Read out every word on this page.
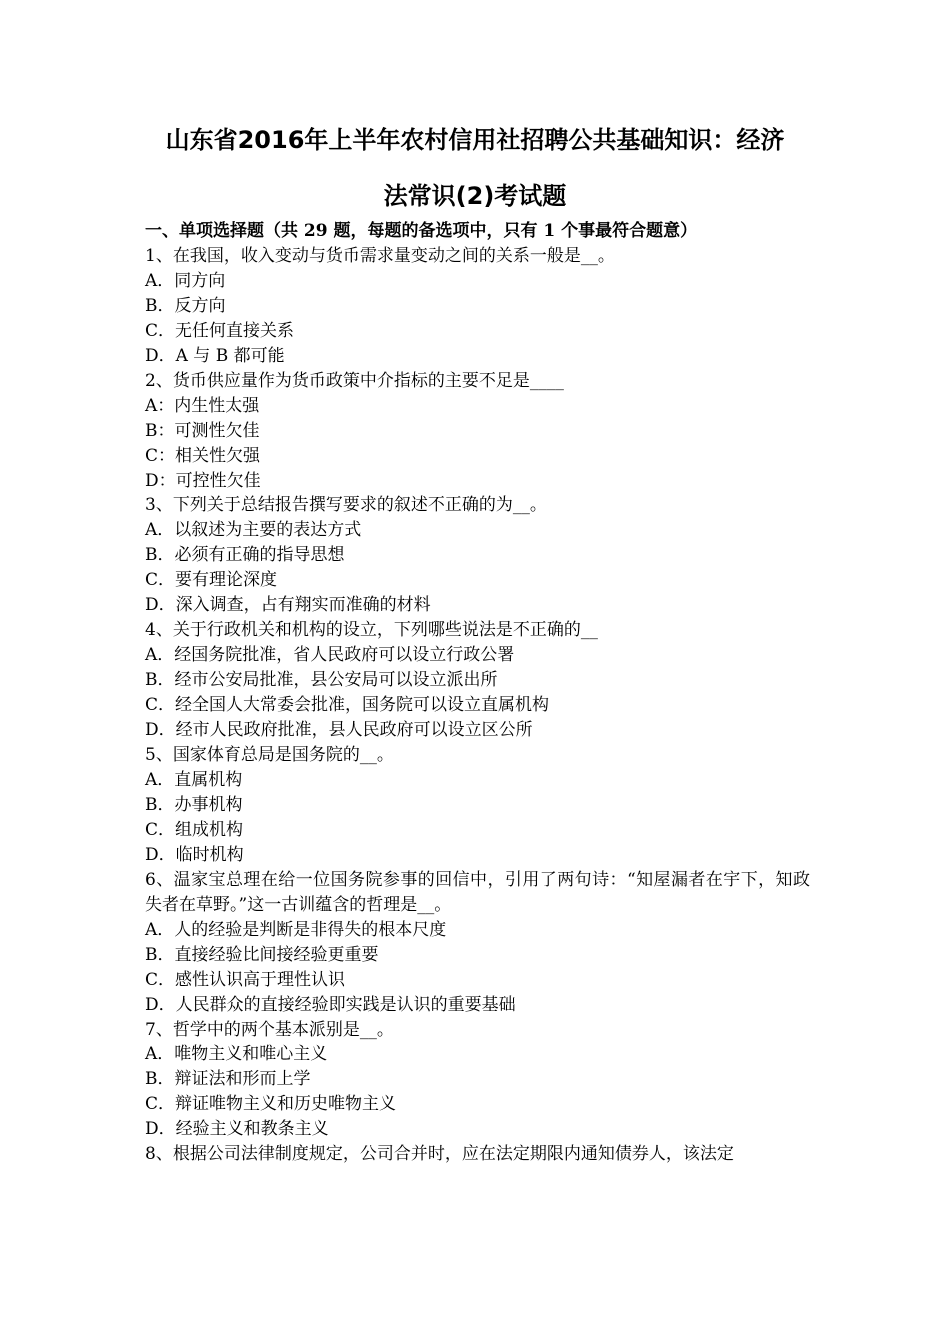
山东省2016年上半年农村信用社招聘公共基础知识：经济
法常识(2)考试题
一、单项选择题（共 29 题，每题的备选项中，只有 1 个事最符合题意）
1、在我国，收入变动与货币需求量变动之间的关系一般是__。
A．同方向
B．反方向
C．无任何直接关系
D．A 与 B 都可能
2、货币供应量作为货币政策中介指标的主要不足是____
A：内生性太强
B：可测性欠佳
C：相关性欠强
D：可控性欠佳
3、下列关于总结报告撰写要求的叙述不正确的为__。
A．以叙述为主要的表达方式
B．必须有正确的指导思想
C．要有理论深度
D．深入调查，占有翔实而准确的材料
4、关于行政机关和机构的设立，下列哪些说法是不正确的__
A．经国务院批准，省人民政府可以设立行政公署
B．经市公安局批准，县公安局可以设立派出所
C．经全国人大常委会批准，国务院可以设立直属机构
D．经市人民政府批准，县人民政府可以设立区公所
5、国家体育总局是国务院的__。
A．直属机构
B．办事机构
C．组成机构
D．临时机构
6、温家宝总理在给一位国务院参事的回信中，引用了两句诗：“知屋漏者在宇下，知政失者在草野。”这一古训蕴含的哲理是__。
A．人的经验是判断是非得失的根本尺度
B．直接经验比间接经验更重要
C．感性认识高于理性认识
D．人民群众的直接经验即实践是认识的重要基础
7、哲学中的两个基本派别是__。
A．唯物主义和唯心主义
B．辩证法和形而上学
C．辩证唯物主义和历史唯物主义
D．经验主义和教条主义
8、根据公司法律制度规定，公司合并时，应在法定期限内通知债券人，该法定
